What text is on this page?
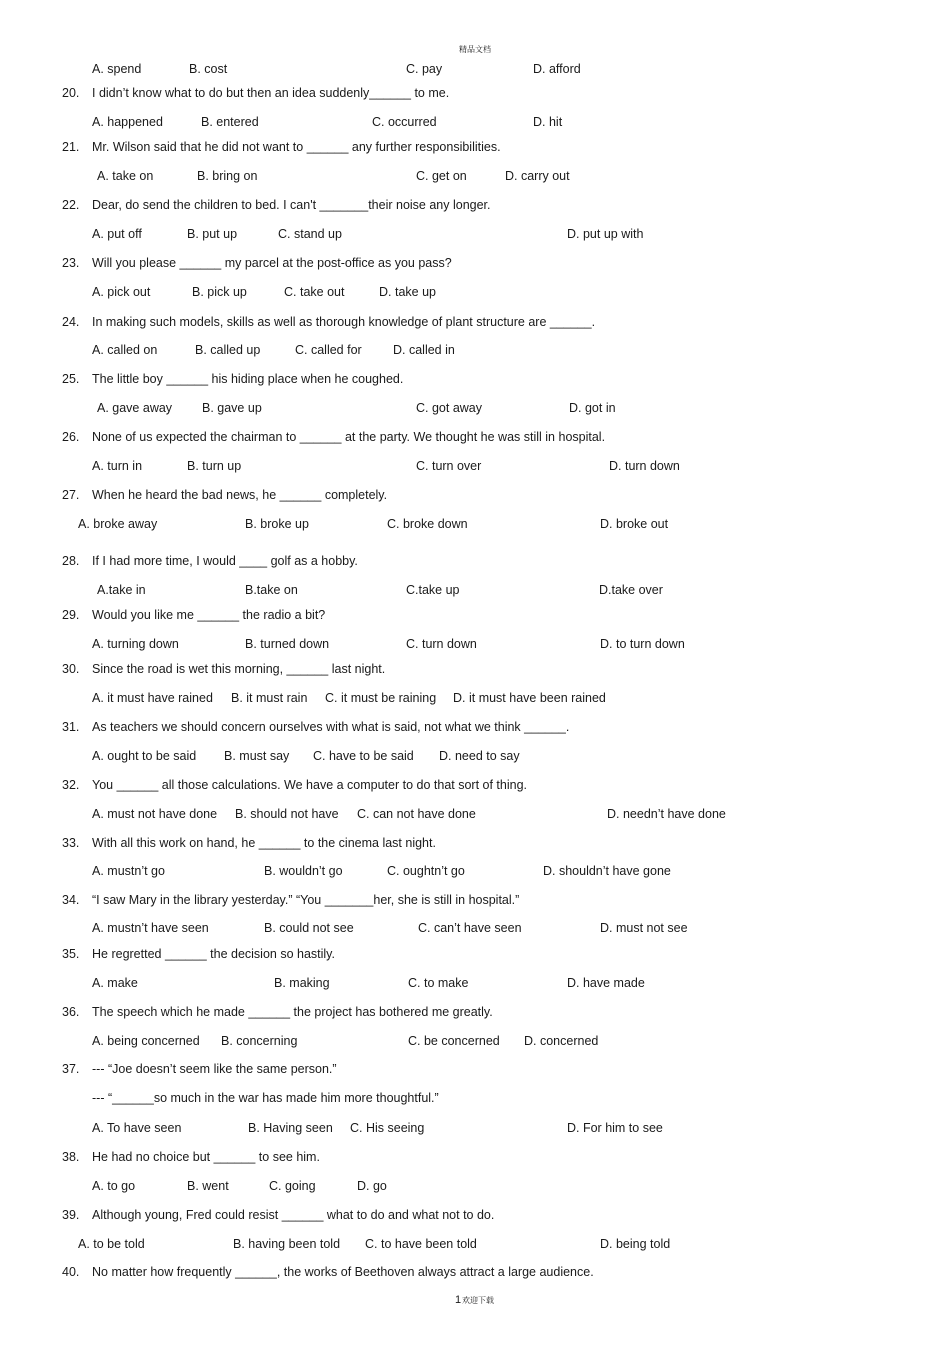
精品文档
A. spend	B. cost	C. pay	D. afford
20. I didn’t know what to do but then an idea suddenly______ to me.
A. happened	B. entered	C. occurred	D. hit
21. Mr. Wilson said that he did not want to ______ any further responsibilities.
A. take on	B. bring on	C. get on	D. carry out
22. Dear, do send the children to bed. I can't _______their noise any longer.
A. put off	B. put up	C. stand up	D. put up with
23. Will you please ______ my parcel at the post-office as you pass?
A. pick out	B. pick up	C. take out	D. take up
24. In making such models, skills as well as thorough knowledge of plant structure are ______.
A. called on	B. called up	C. called for	D. called in
25. The little boy ______ his hiding place when he coughed.
A. gave away B. gave up	C. got away	D. got in
26. None of us expected the chairman to ______ at the party. We thought he was still in hospital.
A. turn in	B. turn up	C. turn over	D. turn down
27. When he heard the bad news, he ______ completely.
A. broke away	B. broke up	C. broke down	D. broke out
28. If I had more time, I would ____ golf as a hobby.
A.take in	B.take on	C.take up	D.take over
29. Would you like me ______ the radio a bit?
A. turning down	B. turned down	C. turn down	D. to turn down
30. Since the road is wet this morning, ______ last night.
A. it must have rained B. it must rain C. it must be raining D. it must have been rained
31. As teachers we should concern ourselves with what is said, not what we think ______.
A. ought to be said B. must say C. have to be said D. need to say
32. You ______ all those calculations. We have a computer to do that sort of thing.
A. must not have done B. should not have C. can not have done	D. needn’t have done
33. With all this work on hand, he ______ to the cinema last night.
A. mustn’t go	B. wouldn’t go	C. oughtn’t go	D. shouldn’t have gone
34. “I saw Mary in the library yesterday.” “You _______her, she is still in hospital.”
A. mustn’t have seen	B. could not see	C. can’t have seen	D. must not see
35. He regretted ______ the decision so hastily.
A. make	B. making	C. to make	D. have made
36. The speech which he made ______ the project has bothered me greatly.
A. being concerned B. concerning	C. be concerned D. concerned
37. --- “Joe doesn’t seem like the same person.”
--- “______so much in the war has made him more thoughtful.”
A. To have seen	B. Having seen C. His seeing	D. For him to see
38. He had no choice but ______ to see him.
A. to go	B. went	C. going	D. go
39. Although young, Fred could resist ______ what to do and what not to do.
A. to be told	B. having been told C. to have been told	D. being told
40. No matter how frequently ______, the works of Beethoven always attract a large audience.
1 欢迎下载
